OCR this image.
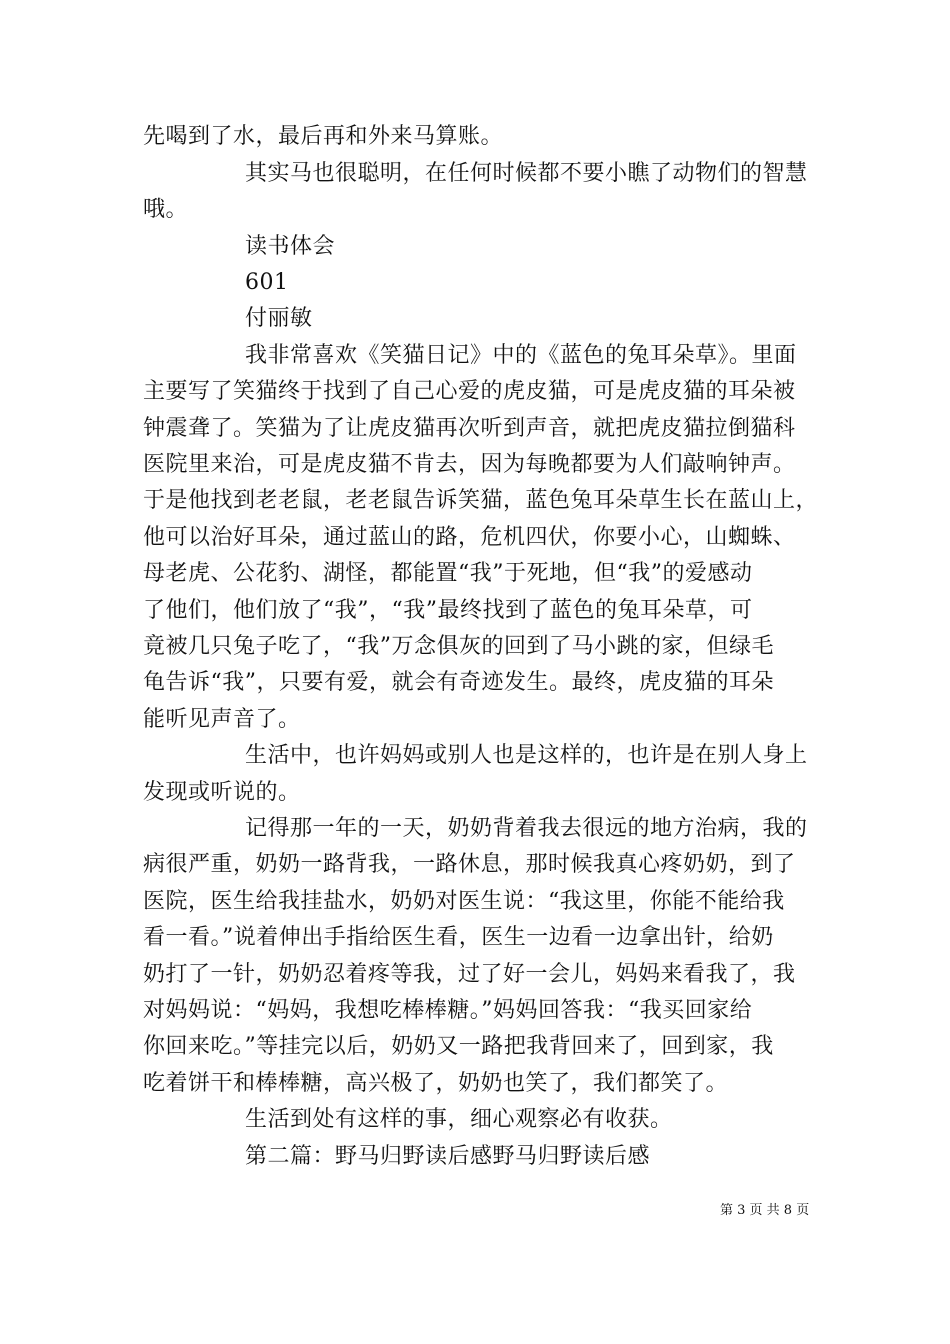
先喝到了水，最后再和外来马算账。
其实马也很聪明，在任何时候都不要小瞧了动物们的智慧
哦。
读书体会
601
付丽敏
我非常喜欢《笑猫日记》中的《蓝色的兔耳朵草》。里面
主要写了笑猫终于找到了自己心爱的虎皮猫，可是虎皮猫的耳朵被
钟震聋了。笑猫为了让虎皮猫再次听到声音，就把虎皮猫拉倒猫科
医院里来治，可是虎皮猫不肯去，因为每晚都要为人们敲响钟声。
于是他找到老老鼠，老老鼠告诉笑猫，蓝色兔耳朵草生长在蓝山上，
他可以治好耳朵，通过蓝山的路，危机四伏，你要小心，山蜘蛛、
母老虎、公花豹、湖怪，都能置“我”于死地，但“我”的爱感动
了他们，他们放了“我”，“我”最终找到了蓝色的兔耳朵草，可
竟被几只兔子吃了，“我”万念俱灰的回到了马小跳的家，但绿毛
龟告诉“我”，只要有爱，就会有奇迹发生。最终，虎皮猫的耳朵
能听见声音了。
生活中，也许妈妈或别人也是这样的，也许是在别人身上
发现或听说的。
记得那一年的一天，奶奶背着我去很远的地方治病，我的
病很严重，奶奶一路背我，一路休息，那时候我真心疼奶奶，到了
医院，医生给我挂盐水，奶奶对医生说：“我这里，你能不能给我
看一看。”说着伸出手指给医生看，医生一边看一边拿出针，给奶
奶打了一针，奶奶忍着疼等我，过了好一会儿，妈妈来看我了，我
对妈妈说：“妈妈，我想吃棒棒糖。”妈妈回答我：“我买回家给
你回来吃。”等挂完以后，奶奶又一路把我背回来了，回到家，我
吃着饼干和棒棒糖，高兴极了，奶奶也笑了，我们都笑了。
生活到处有这样的事，细心观察必有收获。
第二篇：野马归野读后感野马归野读后感
第 3 页 共 8 页
